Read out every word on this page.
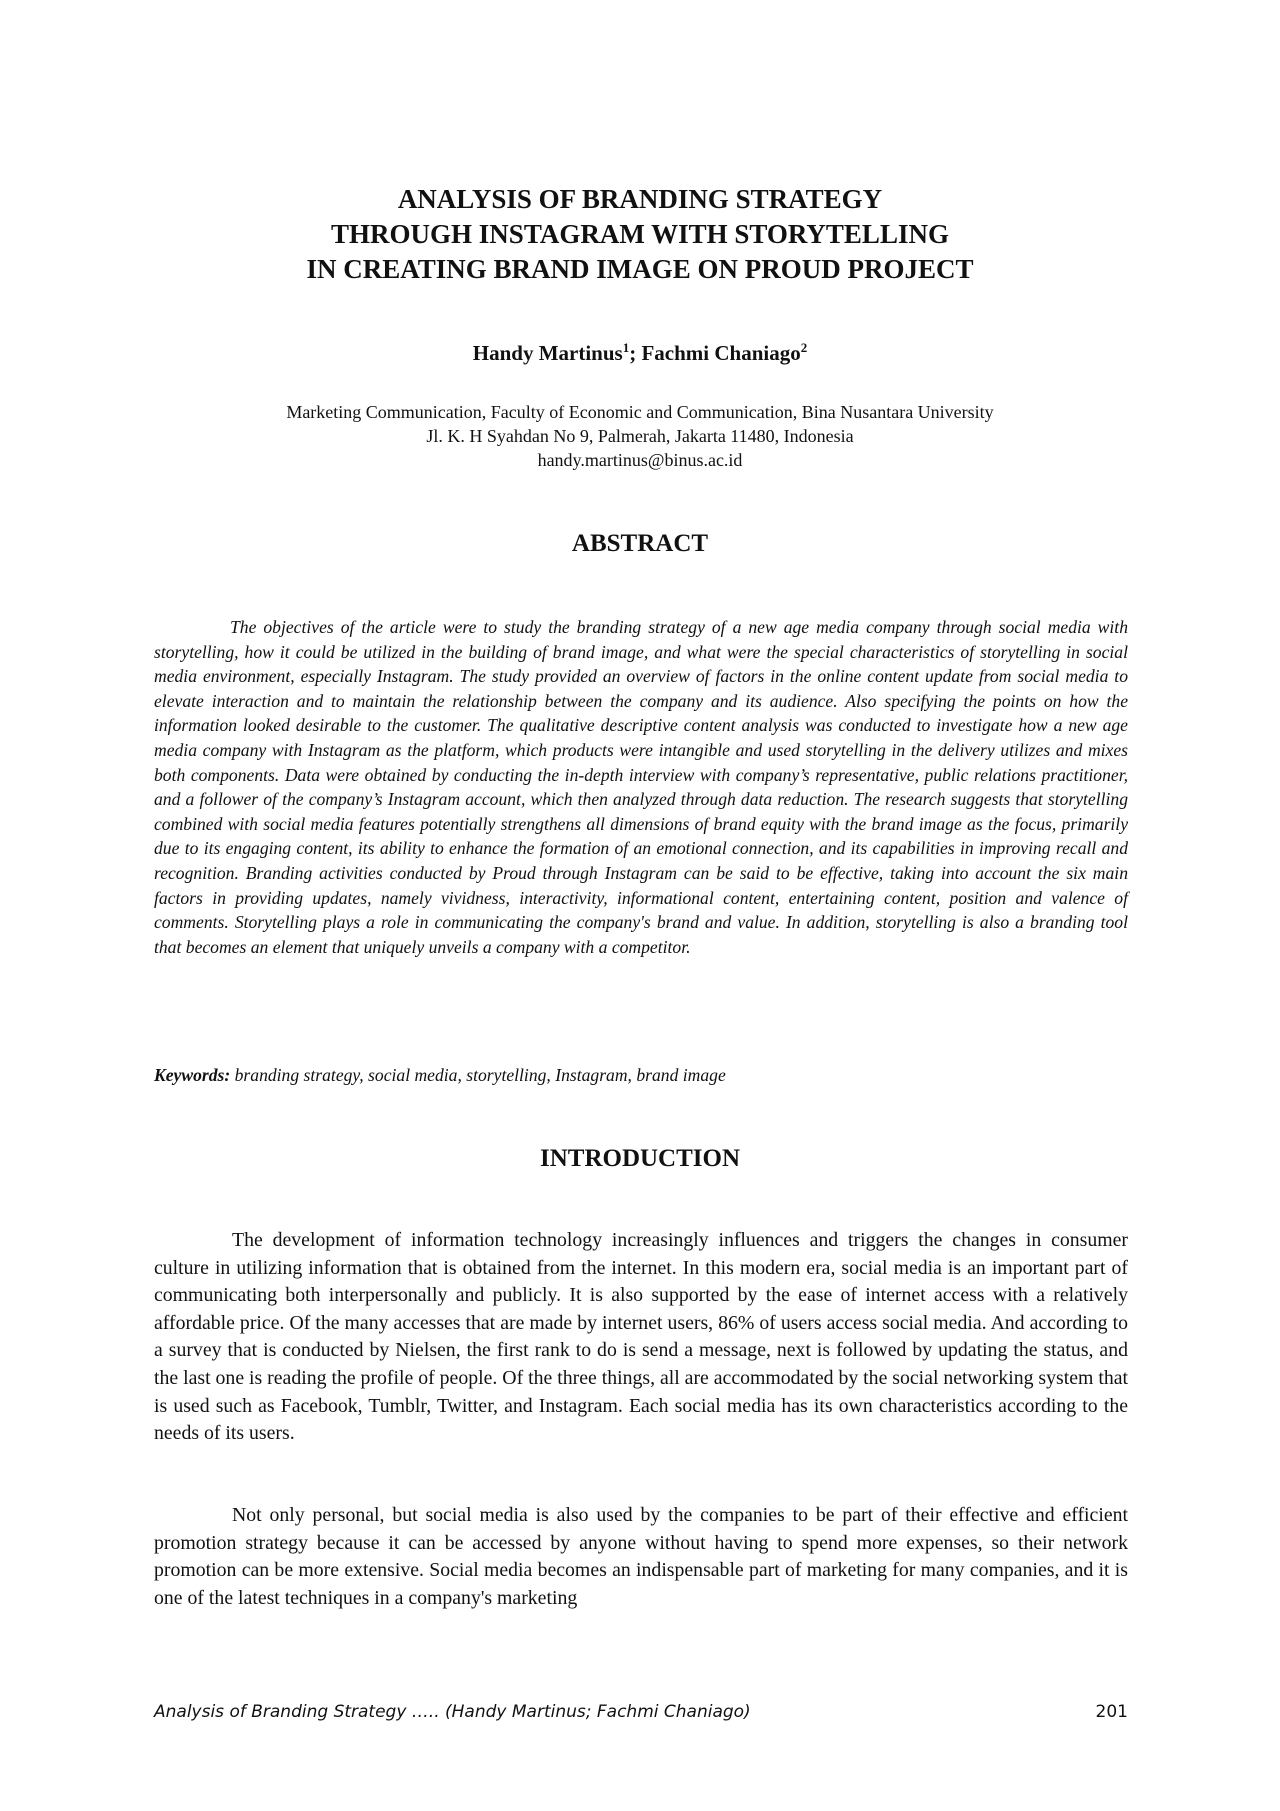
ANALYSIS OF BRANDING STRATEGY
THROUGH INSTAGRAM WITH STORYTELLING
IN CREATING BRAND IMAGE ON PROUD PROJECT
Handy Martinus$^1$; Fachmi Chaniago$^2$
Marketing Communication, Faculty of Economic and Communication, Bina Nusantara University
Jl. K. H Syahdan No 9, Palmerah, Jakarta 11480, Indonesia
handy.martinus@binus.ac.id
ABSTRACT

The objectives of the article were to study the branding strategy of a new age media company through social media with storytelling, how it could be utilized in the building of brand image, and what were the special characteristics of storytelling in social media environment, especially Instagram. The study provided an overview of factors in the online content update from social media to elevate interaction and to maintain the relationship between the company and its audience. Also specifying the points on how the information looked desirable to the customer. The qualitative descriptive content analysis was conducted to investigate how a new age media company with Instagram as the platform, which products were intangible and used storytelling in the delivery utilizes and mixes both components. Data were obtained by conducting the in-depth interview with company’s representative, public relations practitioner, and a follower of the company’s Instagram account, which then analyzed through data reduction. The research suggests that storytelling combined with social media features potentially strengthens all dimensions of brand equity with the brand image as the focus, primarily due to its engaging content, its ability to enhance the formation of an emotional connection, and its capabilities in improving recall and recognition. Branding activities conducted by Proud through Instagram can be said to be effective, taking into account the six main factors in providing updates, namely vividness, interactivity, informational content, entertaining content, position and valence of comments. Storytelling plays a role in communicating the company's brand and value. In addition, storytelling is also a branding tool that becomes an element that uniquely unveils a company with a competitor.

Keywords: branding strategy, social media, storytelling, Instagram, brand image
INTRODUCTION

The development of information technology increasingly influences and triggers the changes in consumer culture in utilizing information that is obtained from the internet. In this modern era, social media is an important part of communicating both interpersonally and publicly. It is also supported by the ease of internet access with a relatively affordable price. Of the many accesses that are made by internet users, 86% of users access social media. And according to a survey that is conducted by Nielsen, the first rank to do is send a message, next is followed by updating the status, and the last one is reading the profile of people. Of the three things, all are accommodated by the social networking system that is used such as Facebook, Tumblr, Twitter, and Instagram. Each social media has its own characteristics according to the needs of its users.

Not only personal, but social media is also used by the companies to be part of their effective and efficient promotion strategy because it can be accessed by anyone without having to spend more expenses, so their network promotion can be more extensive. Social media becomes an indispensable part of marketing for many companies, and it is one of the latest techniques in a company's marketing

Analysis of Branding Strategy ….. (Handy Martinus; Fachmi Chaniago)	201
